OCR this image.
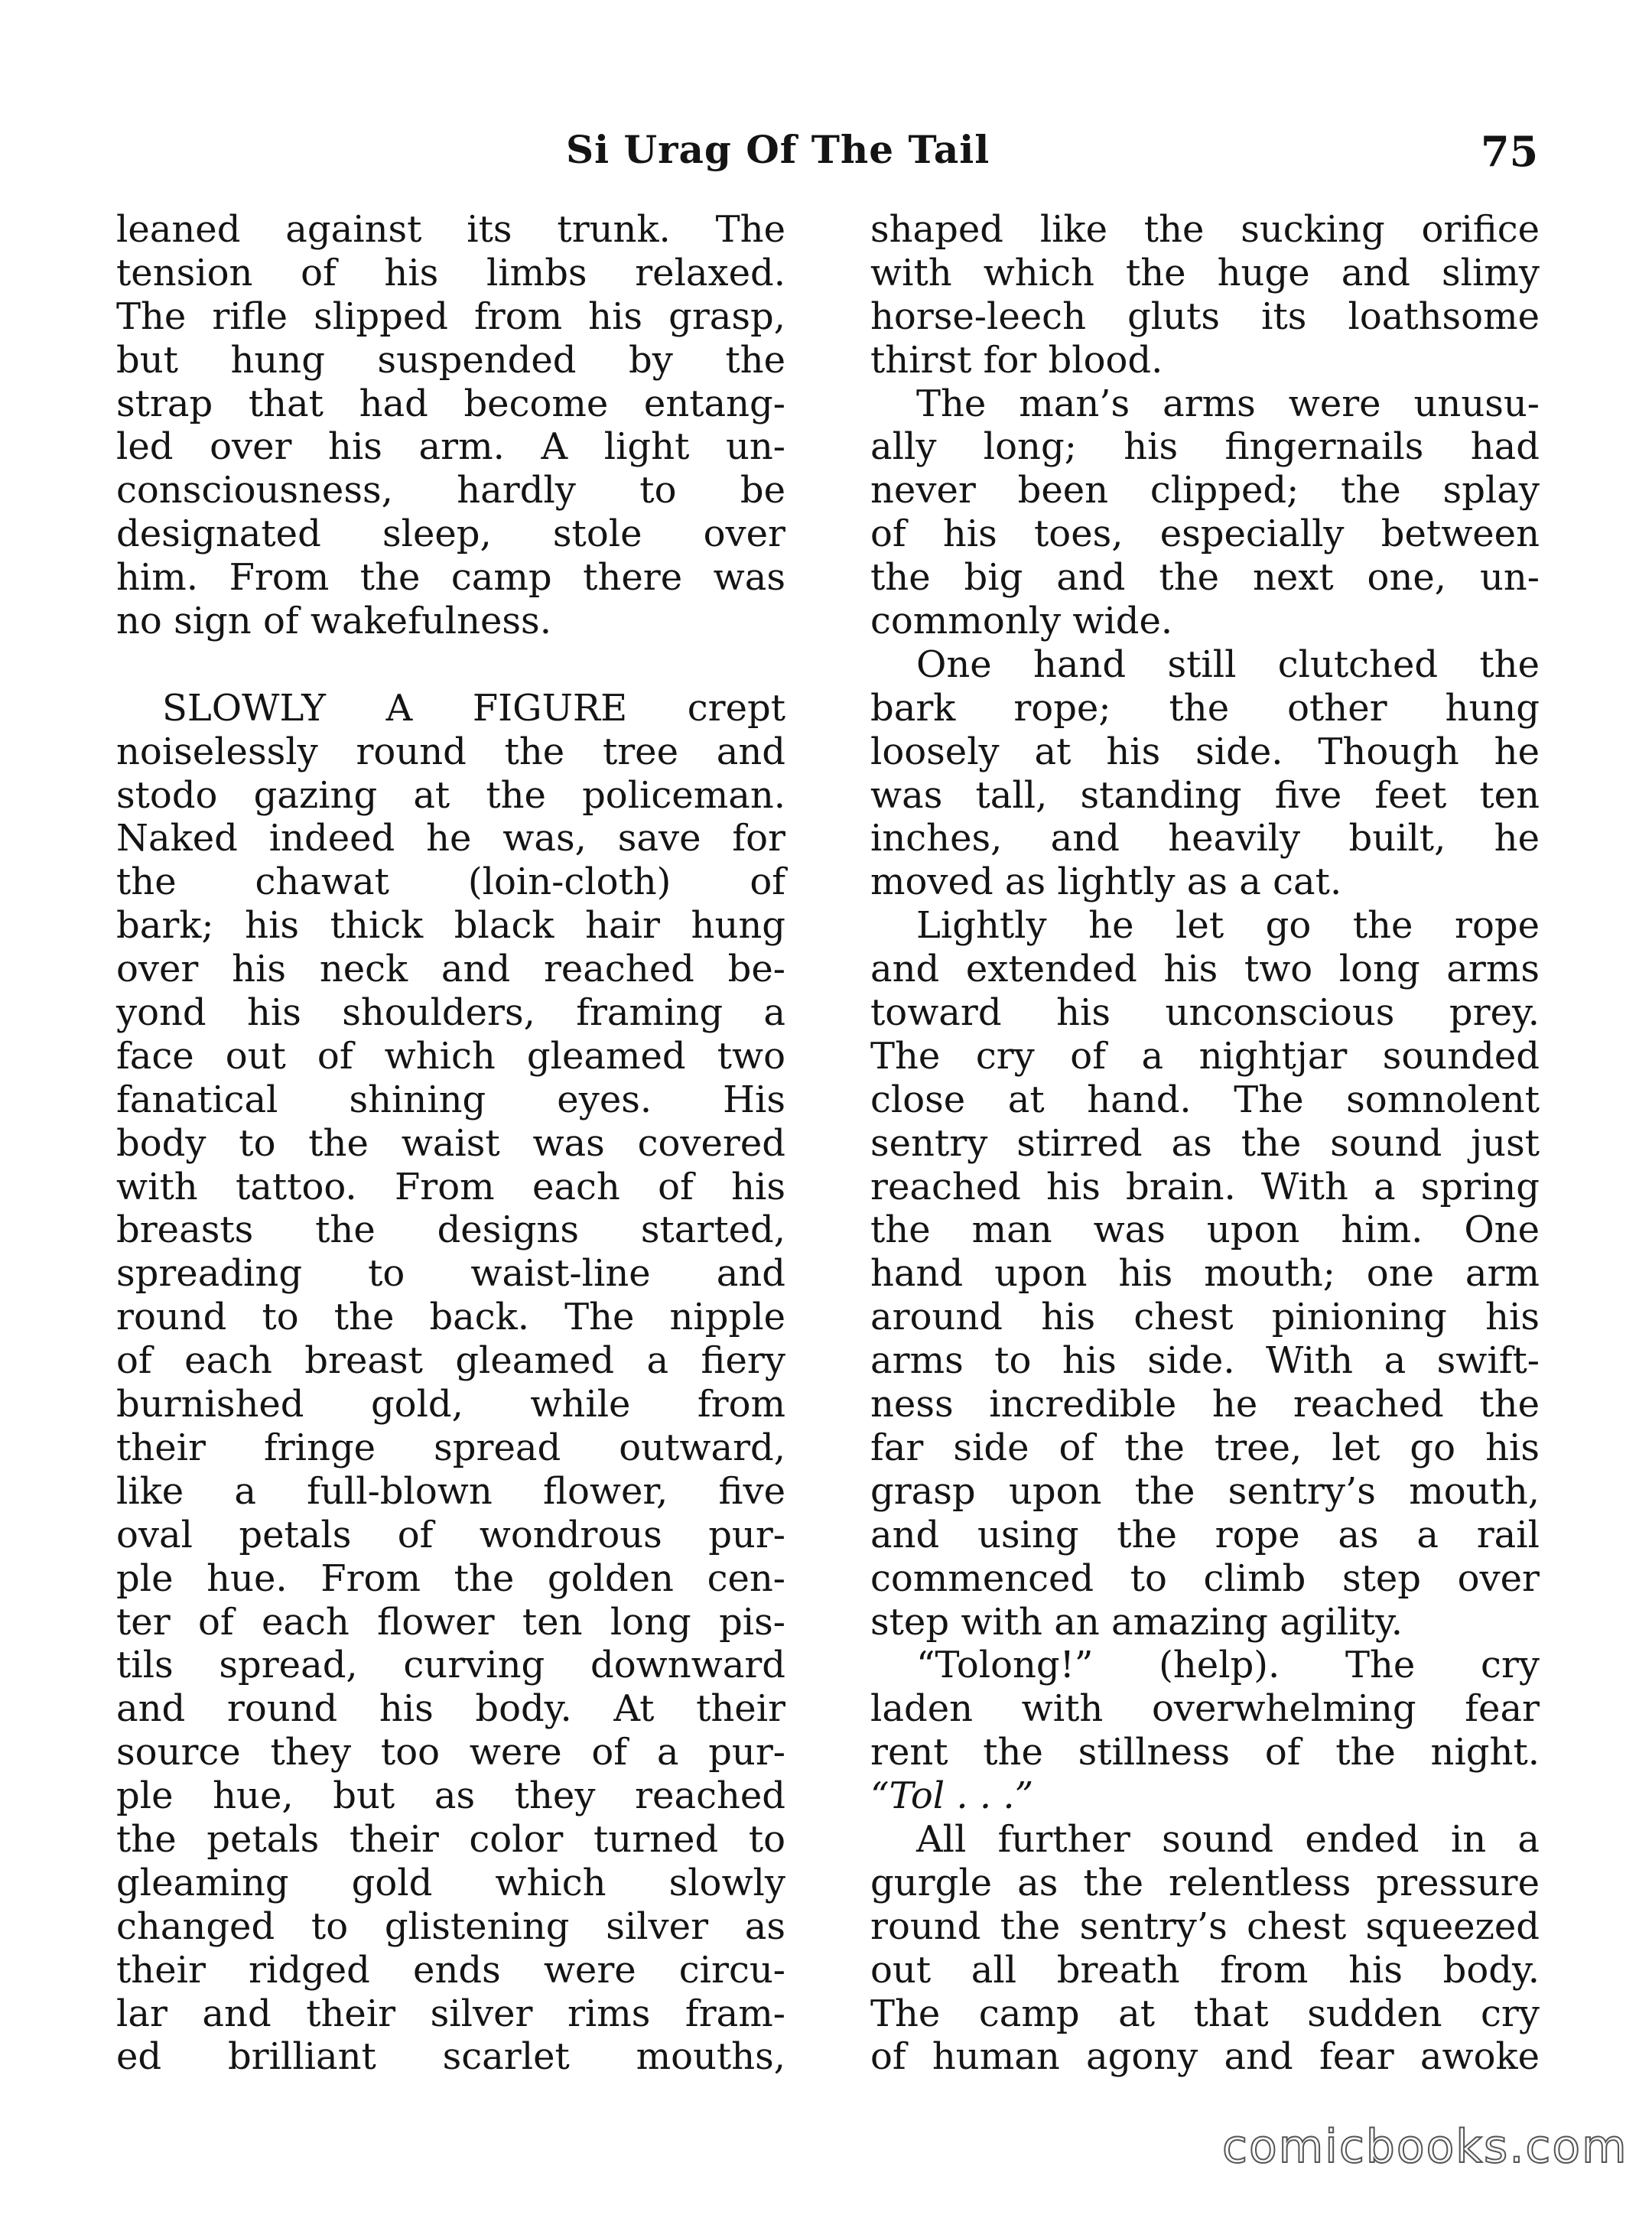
Si Urag Of The Tail	75
leaned against its trunk. The
tension of his limbs relaxed.
The rifle slipped from his grasp,
but hung suspended by the
strap that had become entang-
led over his arm. A light un-
consciousness, hardly to be
designated sleep, stole over
him. From the camp there was
no sign of wakefulness.
SLOWLY A FIGURE crept
noiselessly round the tree and
stodo gazing at the policeman.
Naked indeed he was, save for
the chawat (loin-cloth) of
bark; his thick black hair hung
over his neck and reached be-
yond his shoulders, framing a
face out of which gleamed two
fanatical shining eyes. His
body to the waist was covered
with tattoo. From each of his
breasts the designs started,
spreading to waist-line and
round to the back. The nipple
of each breast gleamed a fiery
burnished gold, while from
their fringe spread outward,
like a full-blown flower, five
oval petals of wondrous pur-
ple hue. From the golden cen-
ter of each flower ten long pis-
tils spread, curving downward
and round his body. At their
source they too were of a pur-
ple hue, but as they reached
the petals their color turned to
gleaming gold which slowly
changed to glistening silver as
their ridged ends were circu-
lar and their silver rims fram-
ed brilliant scarlet mouths,
shaped like the sucking orifice
with which the huge and slimy
horse-leech gluts its loathsome
thirst for blood.
The man’s arms were unusu-
ally long; his fingernails had
never been clipped; the splay
of his toes, especially between
the big and the next one, un-
commonly wide.
One hand still clutched the
bark rope; the other hung
loosely at his side. Though he
was tall, standing five feet ten
inches, and heavily built, he
moved as lightly as a cat.
Lightly he let go the rope
and extended his two long arms
toward his unconscious prey.
The cry of a nightjar sounded
close at hand. The somnolent
sentry stirred as the sound just
reached his brain. With a spring
the man was upon him. One
hand upon his mouth; one arm
around his chest pinioning his
arms to his side. With a swift-
ness incredible he reached the
far side of the tree, let go his
grasp upon the sentry’s mouth,
and using the rope as a rail
commenced to climb step over
step with an amazing agility.
“Tolong!” (help). The cry
laden with overwhelming fear
rent the stillness of the night.
“Tol . . .”
All further sound ended in a
gurgle as the relentless pressure
round the sentry’s chest squeezed
out all breath from his body.
The camp at that sudden cry
of human agony and fear awoke
comicbooks.com
